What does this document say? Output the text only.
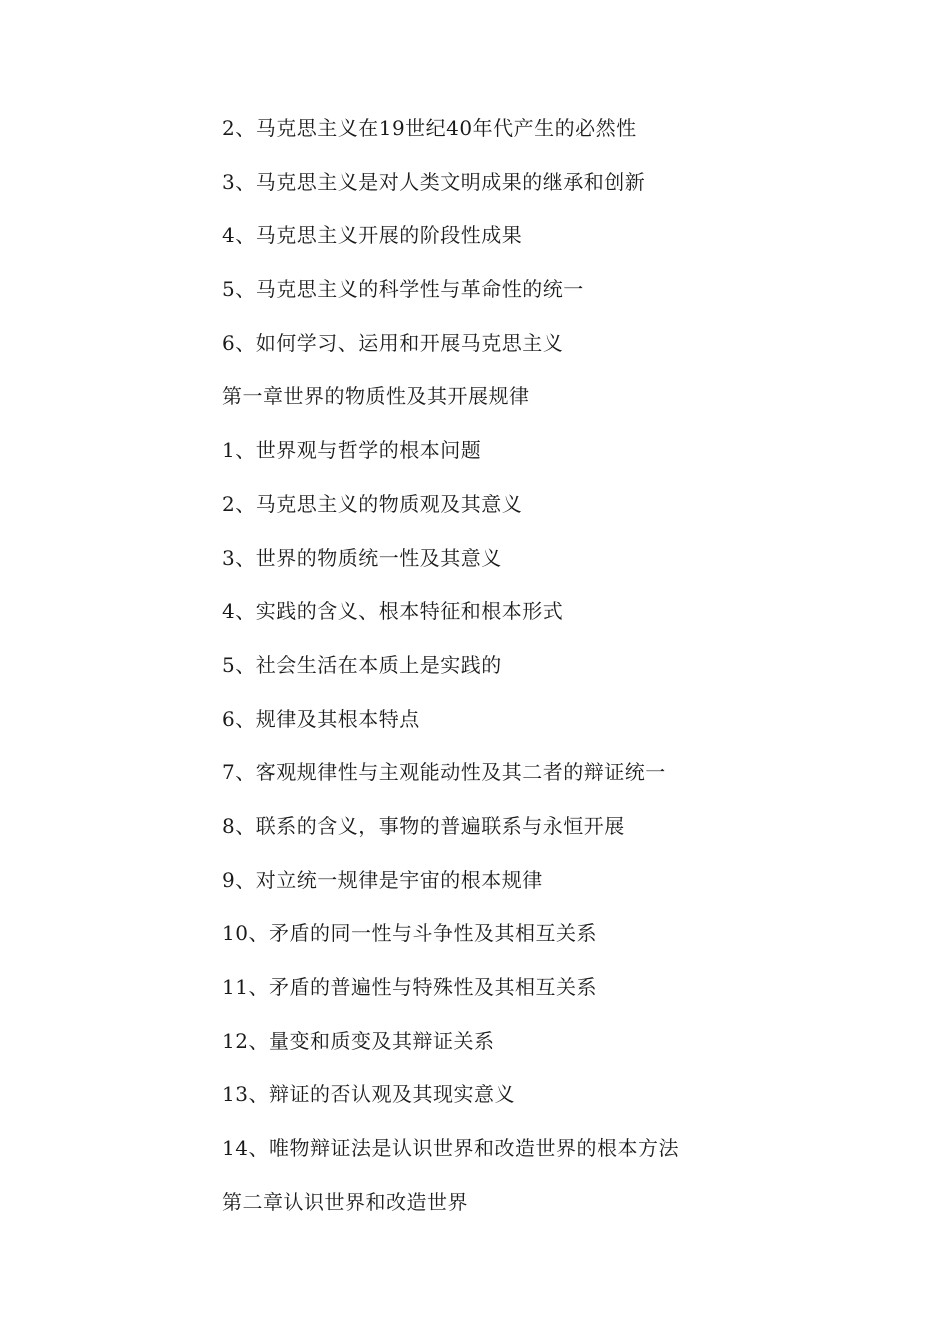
2、马克思主义在19世纪40年代产生的必然性
3、马克思主义是对人类文明成果的继承和创新
4、马克思主义开展的阶段性成果
5、马克思主义的科学性与革命性的统一
6、如何学习、运用和开展马克思主义
第一章世界的物质性及其开展规律
1、世界观与哲学的根本问题
2、马克思主义的物质观及其意义
3、世界的物质统一性及其意义
4、实践的含义、根本特征和根本形式
5、社会生活在本质上是实践的
6、规律及其根本特点
7、客观规律性与主观能动性及其二者的辩证统一
8、联系的含义，事物的普遍联系与永恒开展
9、对立统一规律是宇宙的根本规律
10、矛盾的同一性与斗争性及其相互关系
11、矛盾的普遍性与特殊性及其相互关系
12、量变和质变及其辩证关系
13、辩证的否认观及其现实意义
14、唯物辩证法是认识世界和改造世界的根本方法
第二章认识世界和改造世界
